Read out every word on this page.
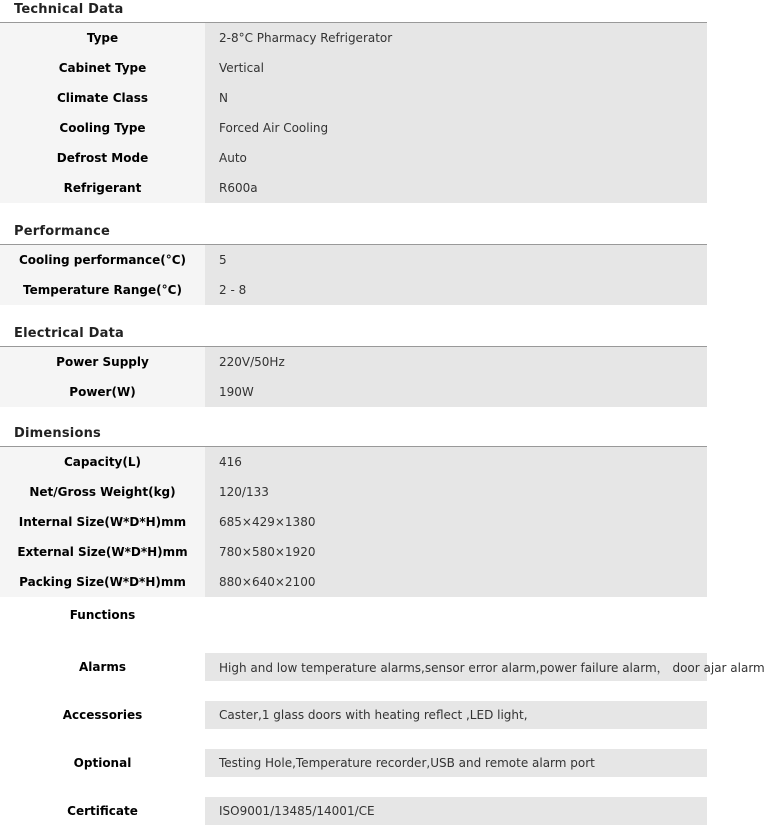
Technical Data
Type	2-8°C Pharmacy Refrigerator
Cabinet Type	Vertical
Climate Class	N
Cooling Type	Forced Air Cooling
Defrost Mode	Auto
Refrigerant	R600a
Performance
Cooling performance(°C)	5
Temperature Range(°C)	2 - 8
Electrical Data
Power Supply	220V/50Hz
Power(W)	190W
Dimensions
Capacity(L)	416
Net/Gross Weight(kg)	120/133
Internal Size(W*D*H)mm	685×429×1380
External Size(W*D*H)mm	780×580×1920
Packing Size(W*D*H)mm	880×640×2100
Functions
Alarms	High and low temperature alarms,sensor error alarm,power failure alarm， door ajar alarm
Accessories	Caster,1 glass doors with heating reflect ,LED light,
Optional	Testing Hole,Temperature recorder,USB and remote alarm port
Certificate	ISO9001/13485/14001/CE
